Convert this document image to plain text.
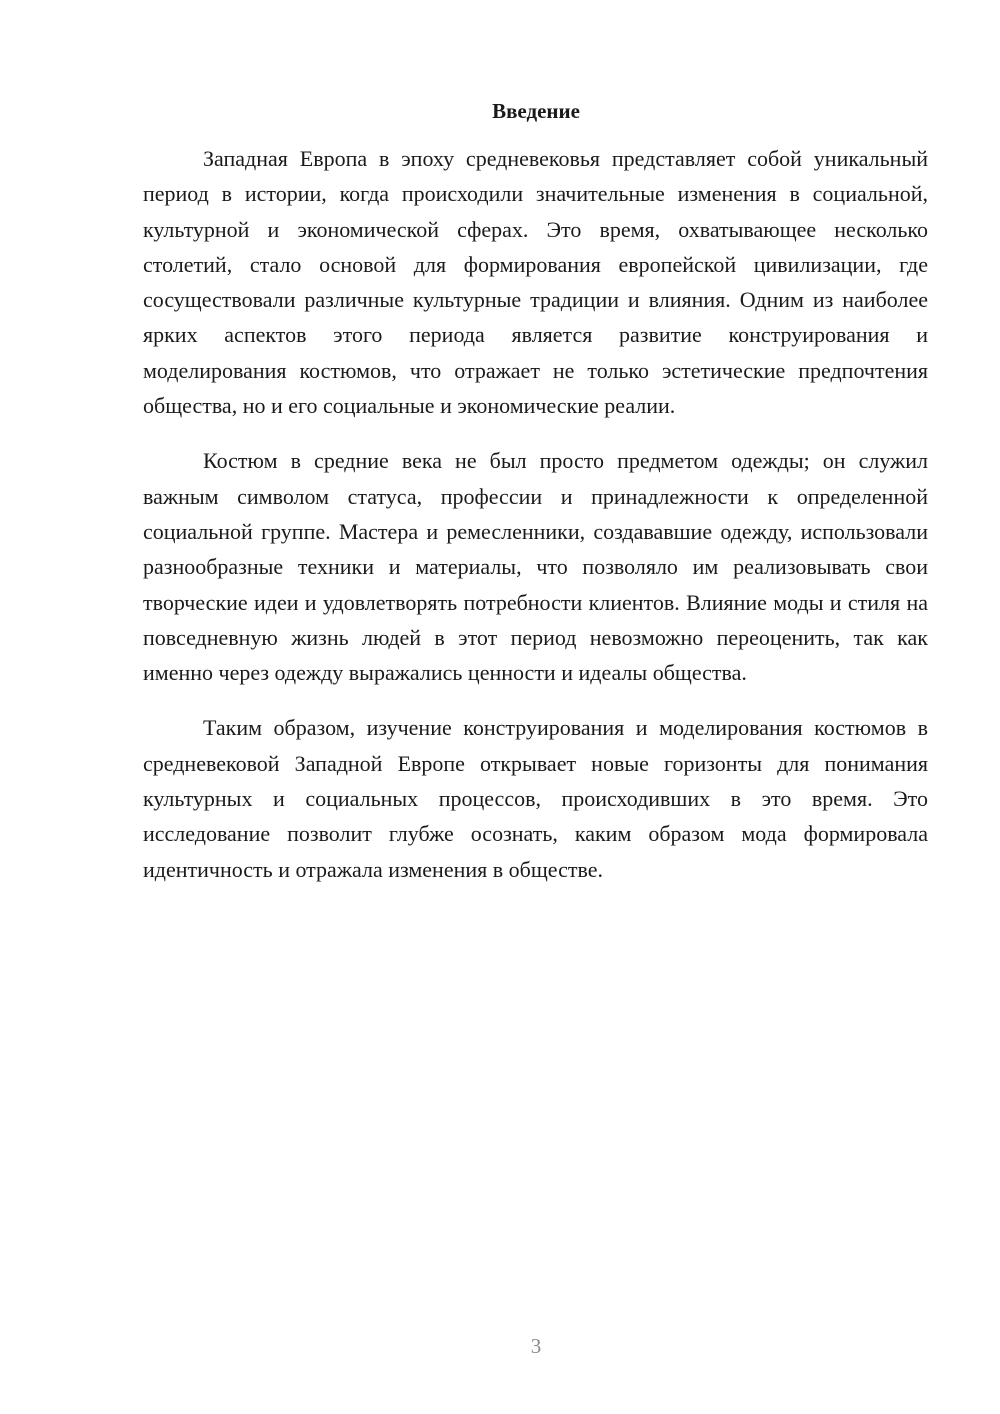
Введение

Западная Европа в эпоху средневековья представляет собой уникальный период в истории, когда происходили значительные изменения в социальной, культурной и экономической сферах. Это время, охватывающее несколько столетий, стало основой для формирования европейской цивилизации, где сосуществовали различные культурные традиции и влияния. Одним из наиболее ярких аспектов этого периода является развитие конструирования и моделирования костюмов, что отражает не только эстетические предпочтения общества, но и его социальные и экономические реалии.

Костюм в средние века не был просто предметом одежды; он служил важным символом статуса, профессии и принадлежности к определенной социальной группе. Мастера и ремесленники, создававшие одежду, использовали разнообразные техники и материалы, что позволяло им реализовывать свои творческие идеи и удовлетворять потребности клиентов. Влияние моды и стиля на повседневную жизнь людей в этот период невозможно переоценить, так как именно через одежду выражались ценности и идеалы общества.

Таким образом, изучение конструирования и моделирования костюмов в средневековой Западной Европе открывает новые горизонты для понимания культурных и социальных процессов, происходивших в это время. Это исследование позволит глубже осознать, каким образом мода формировала идентичность и отражала изменения в обществе.

3
